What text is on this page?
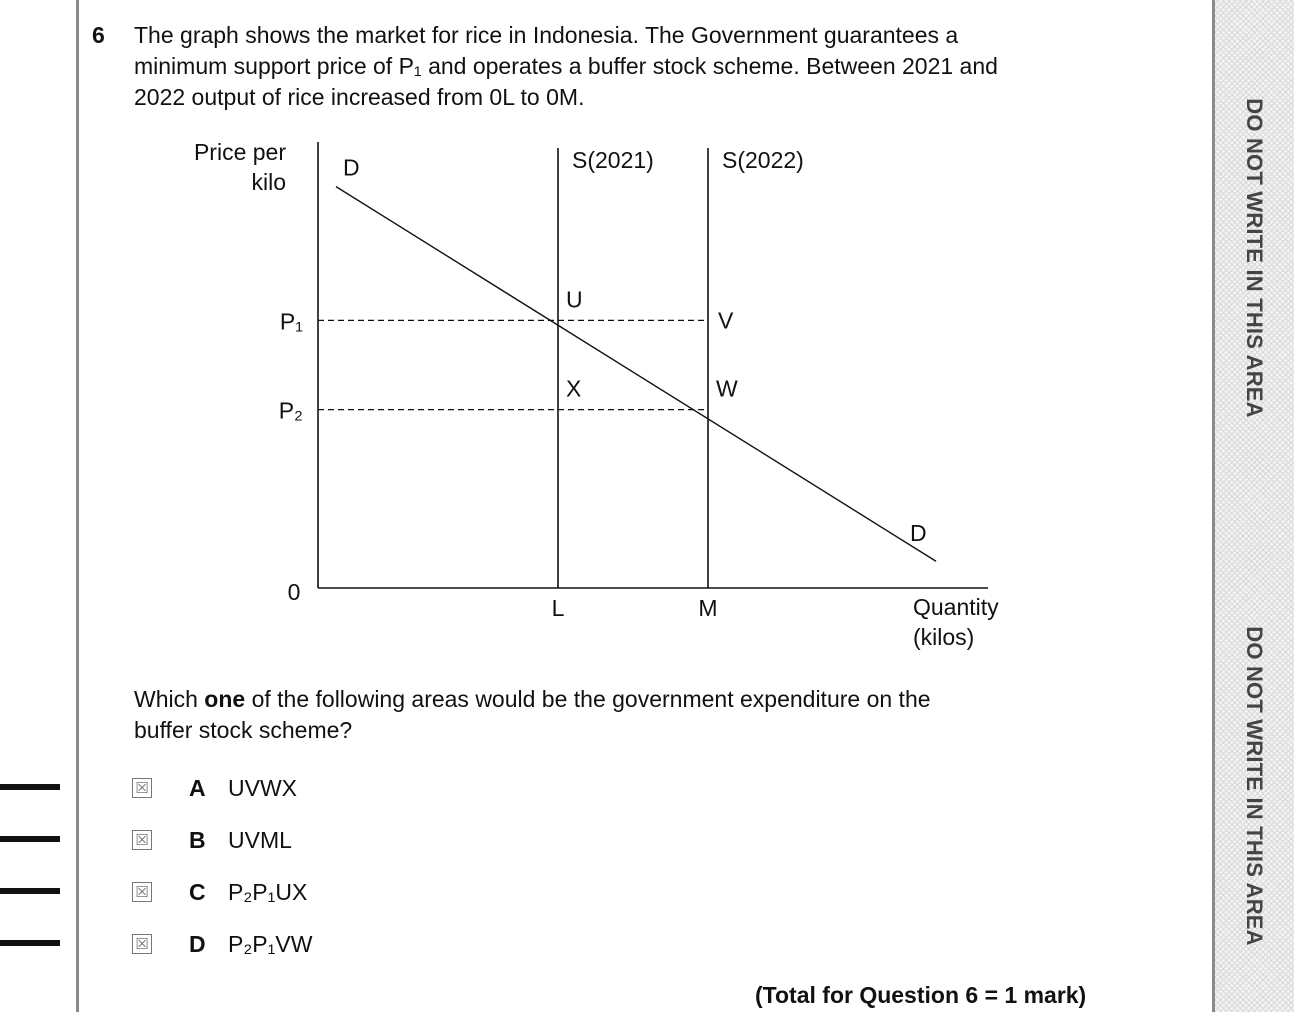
DO NOT WRITE IN THIS AREA
DO NOT WRITE IN THIS AREA
6 The graph shows the market for rice in Indonesia. The Government guarantees a
minimum support price of P₁ and operates a buffer stock scheme. Between 2021 and
2022 output of rice increased from 0L to 0M.
Price per
kilo
Quantity
(kilos)
0
S(2021)	S(2022)
P₁
P₂
L	M
D
D
U
V
X	W
Which one of the following areas would be the government expenditure on the
buffer stock scheme?
☒ A UVWX
☒ B UVML
☒ C P₂P₁UX
☒ D P₂P₁VW
(Total for Question 6 = 1 mark)
